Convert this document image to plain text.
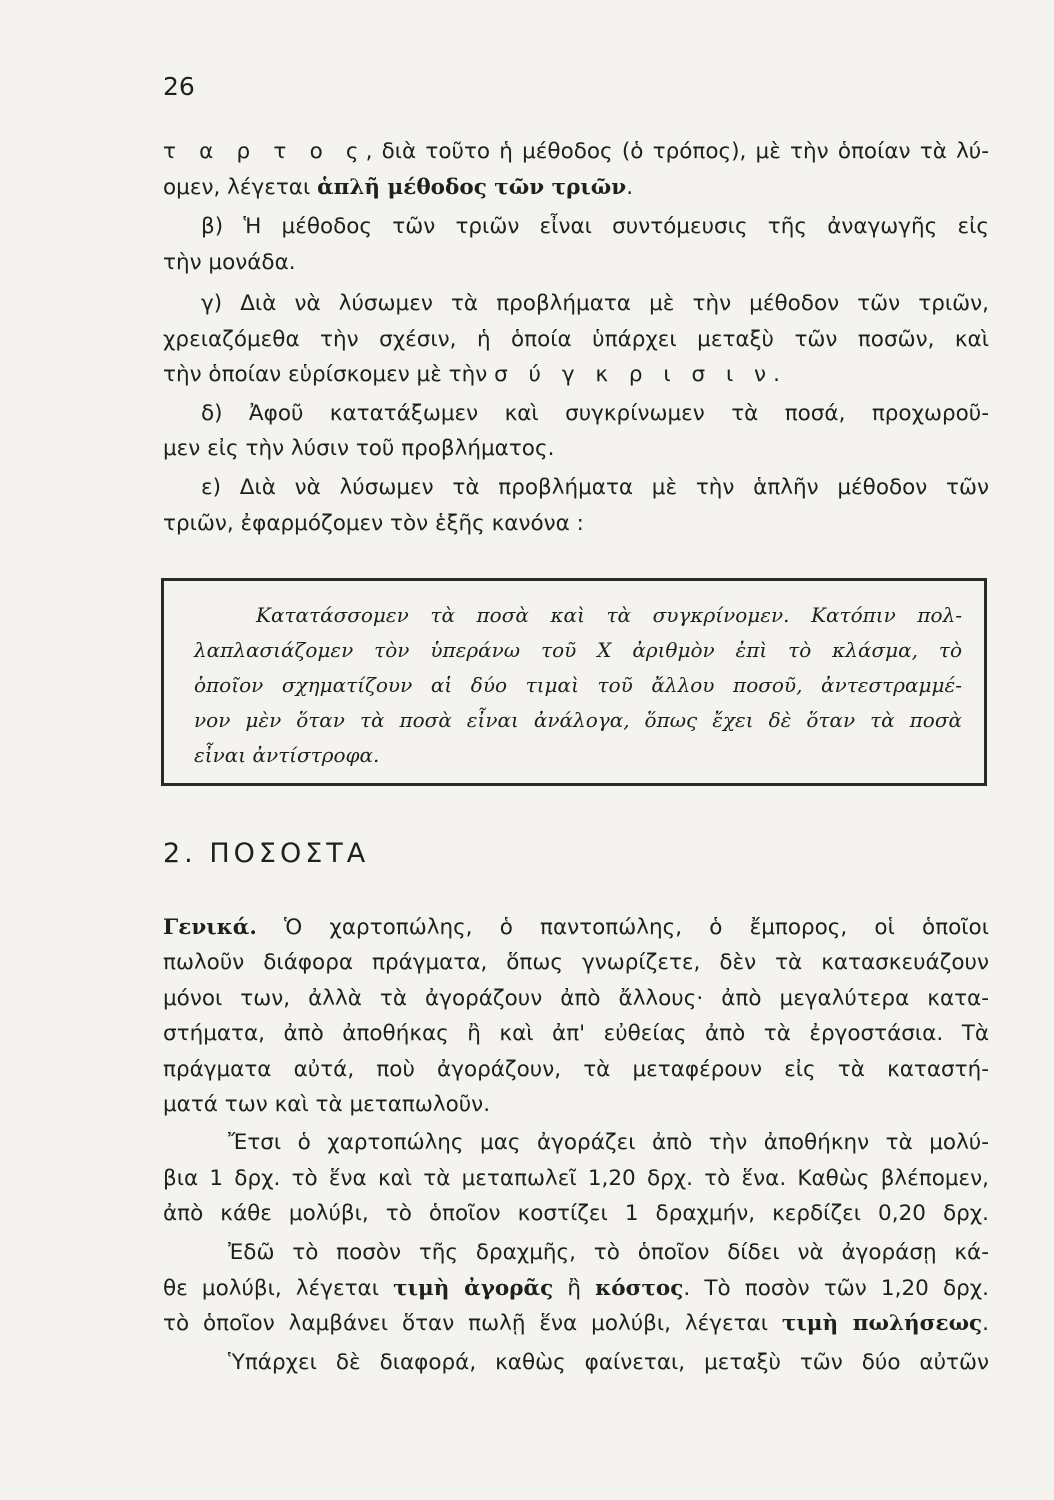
26
τ α ρ τ ο ς, διὰ τοῦτο ἡ μέθοδος (ὁ τρόπος), μὲ τὴν ὁποίαν τὰ λύ-
ομεν, λέγεται ἁπλῆ μέθοδος τῶν τριῶν.
β) Ἡ μέθοδος τῶν τριῶν εἶναι συντόμευσις τῆς ἀναγωγῆς εἰς
τὴν μονάδα.
γ) Διὰ νὰ λύσωμεν τὰ προβλήματα μὲ τὴν μέθοδον τῶν τριῶν,
χρειαζόμεθα τὴν σχέσιν, ἡ ὁποία ὑπάρχει μεταξὺ τῶν ποσῶν, καὶ
τὴν ὁποίαν εὑρίσκομεν μὲ τὴν σ ύ γ κ ρ ι σ ι ν.
δ) Ἀφοῦ κατατάξωμεν καὶ συγκρίνωμεν τὰ ποσά, προχωροῦ-
μεν εἰς τὴν λύσιν τοῦ προβλήματος.
ε) Διὰ νὰ λύσωμεν τὰ προβλήματα μὲ τὴν ἁπλῆν μέθοδον τῶν
τριῶν, ἐφαρμόζομεν τὸν ἑξῆς κανόνα :
Κατατάσσομεν τὰ ποσὰ καὶ τὰ συγκρίνομεν. Κατόπιν πολ-
λαπλασιάζομεν τὸν ὑπεράνω τοῦ Χ ἀριθμὸν ἐπὶ τὸ κλάσμα, τὸ
ὁποῖον σχηματίζουν αἱ δύο τιμαὶ τοῦ ἄλλου ποσοῦ, ἀντεστραμμέ-
νον μὲν ὅταν τὰ ποσὰ εἶναι ἀνάλογα, ὅπως ἔχει δὲ ὅταν τὰ ποσὰ
εἶναι ἀντίστροφα.
2. ΠΟΣΟΣΤΑ
Γενικά. Ὁ χαρτοπώλης, ὁ παντοπώλης, ὁ ἔμπορος, οἱ ὁποῖοι
πωλοῦν διάφορα πράγματα, ὅπως γνωρίζετε, δὲν τὰ κατασκευάζουν
μόνοι των, ἀλλὰ τὰ ἀγοράζουν ἀπὸ ἄλλους· ἀπὸ μεγαλύτερα κατα-
στήματα, ἀπὸ ἀποθήκας ἢ καὶ ἀπ' εὐθείας ἀπὸ τὰ ἐργοστάσια. Τὰ
πράγματα αὐτά, ποὺ ἀγοράζουν, τὰ μεταφέρουν εἰς τὰ καταστή-
ματά των καὶ τὰ μεταπωλοῦν.
Ἔτσι ὁ χαρτοπώλης μας ἀγοράζει ἀπὸ τὴν ἀποθήκην τὰ μολύ-
βια 1 δρχ. τὸ ἕνα καὶ τὰ μεταπωλεῖ 1,20 δρχ. τὸ ἕνα. Καθὼς βλέπομεν,
ἀπὸ κάθε μολύβι, τὸ ὁποῖον κοστίζει 1 δραχμήν, κερδίζει 0,20 δρχ.
Ἐδῶ τὸ ποσὸν τῆς δραχμῆς, τὸ ὁποῖον δίδει νὰ ἀγοράσῃ κά-
θε μολύβι, λέγεται τιμὴ ἀγορᾶς ἢ κόστος. Τὸ ποσὸν τῶν 1,20 δρχ.
τὸ ὁποῖον λαμβάνει ὅταν πωλῇ ἕνα μολύβι, λέγεται τιμὴ πωλήσεως.
Ὑπάρχει δὲ διαφορά, καθὼς φαίνεται, μεταξὺ τῶν δύο αὐτῶν
